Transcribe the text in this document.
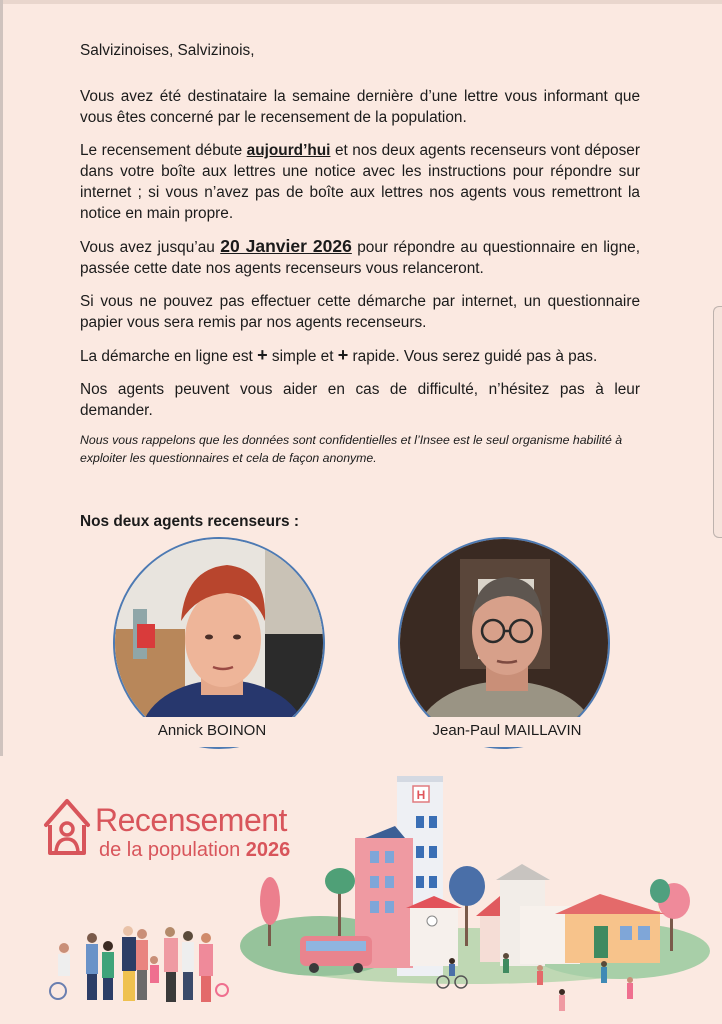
Salvizinoises, Salvizinois,

Vous avez été destinataire la semaine dernière d’une lettre vous informant que vous êtes concerné par le recensement de la population.

Le recensement débute aujourd’hui et nos deux agents recenseurs vont déposer dans votre boîte aux lettres une notice avec les instructions pour répondre sur internet ; si vous n’avez pas de boîte aux lettres nos agents vous remettront la notice en main propre.

Vous avez jusqu’au 20 Janvier 2026 pour répondre au questionnaire en ligne, passée cette date nos agents recenseurs vous relanceront.

Si vous ne pouvez pas effectuer cette démarche par internet, un questionnaire papier vous sera remis par nos agents recenseurs.

La démarche en ligne est + simple et + rapide. Vous serez guidé pas à pas.

Nos agents peuvent vous aider en cas de difficulté, n’hésitez pas à leur demander.

Nous vous rappelons que les données sont confidentielles et l’Insee est le seul organisme habilité à exploiter les questionnaires et cela de façon anonyme.

Nos deux agents recenseurs :

Annick BOINON	Jean-Paul MAILLAVIN
H
Recensement
de la population 2026
